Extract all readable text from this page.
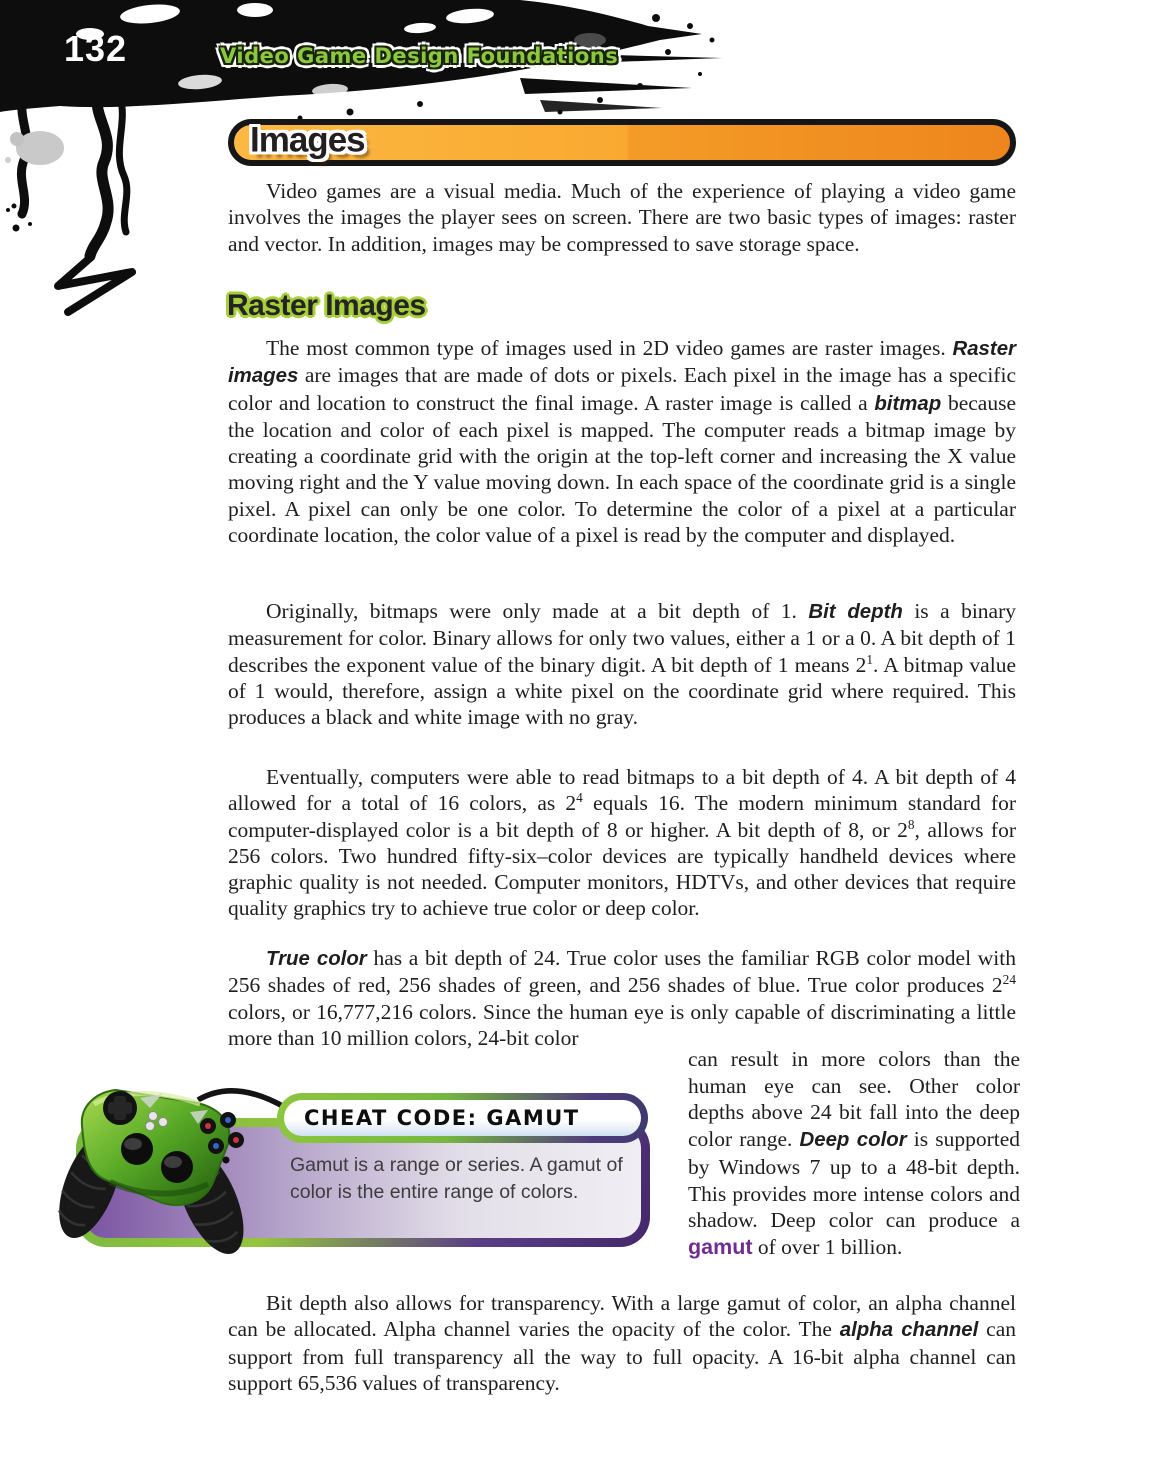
132	Video Game Design Foundations
Images

Video games are a visual media. Much of the experience of playing a video game involves the images the player sees on screen. There are two basic types of images: raster and vector. In addition, images may be compressed to save storage space.

Raster Images

The most common type of images used in 2D video games are raster images. Raster images are images that are made of dots or pixels. Each pixel in the image has a specific color and location to construct the final image. A raster image is called a bitmap because the location and color of each pixel is mapped. The computer reads a bitmap image by creating a coordinate grid with the origin at the top-left corner and increasing the X value moving right and the Y value moving down. In each space of the coordinate grid is a single pixel. A pixel can only be one color. To determine the color of a pixel at a particular coordinate location, the color value of a pixel is read by the computer and displayed.

Originally, bitmaps were only made at a bit depth of 1. Bit depth is a binary measurement for color. Binary allows for only two values, either a 1 or a 0. A bit depth of 1 describes the exponent value of the binary digit. A bit depth of 1 means $2^1$. A bitmap value of 1 would, therefore, assign a white pixel on the coordinate grid where required. This produces a black and white image with no gray.

Eventually, computers were able to read bitmaps to a bit depth of 4. A bit depth of 4 allowed for a total of 16 colors, as $2^4$ equals 16. The modern minimum standard for computer-displayed color is a bit depth of 8 or higher. A bit depth of 8, or $2^8$, allows for 256 colors. Two hundred fifty-six–color devices are typically handheld devices where graphic quality is not needed. Computer monitors, HDTVs, and other devices that require quality graphics try to achieve true color or deep color.

True color has a bit depth of 24. True color uses the familiar RGB color model with 256 shades of red, 256 shades of green, and 256 shades of blue. True color produces $2^{24}$ colors, or 16,777,216 colors. Since the human eye is only capable of discriminating a little more than 10 million colors, 24-bit color

can result in more colors than the human eye can see. Other color depths above 24 bit fall into the deep color range. Deep color is supported by Windows 7 up to a 48-bit depth. This provides more intense colors and shadow. Deep color can produce a gamut of over 1 billion.

CHEAT CODE: GAMUT
Gamut is a range or series. A gamut of color is the entire range of colors.

Bit depth also allows for transparency. With a large gamut of color, an alpha channel can be allocated. Alpha channel varies the opacity of the color. The alpha channel can support from full transparency all the way to full opacity. A 16-bit alpha channel can support 65,536 values of transparency.
